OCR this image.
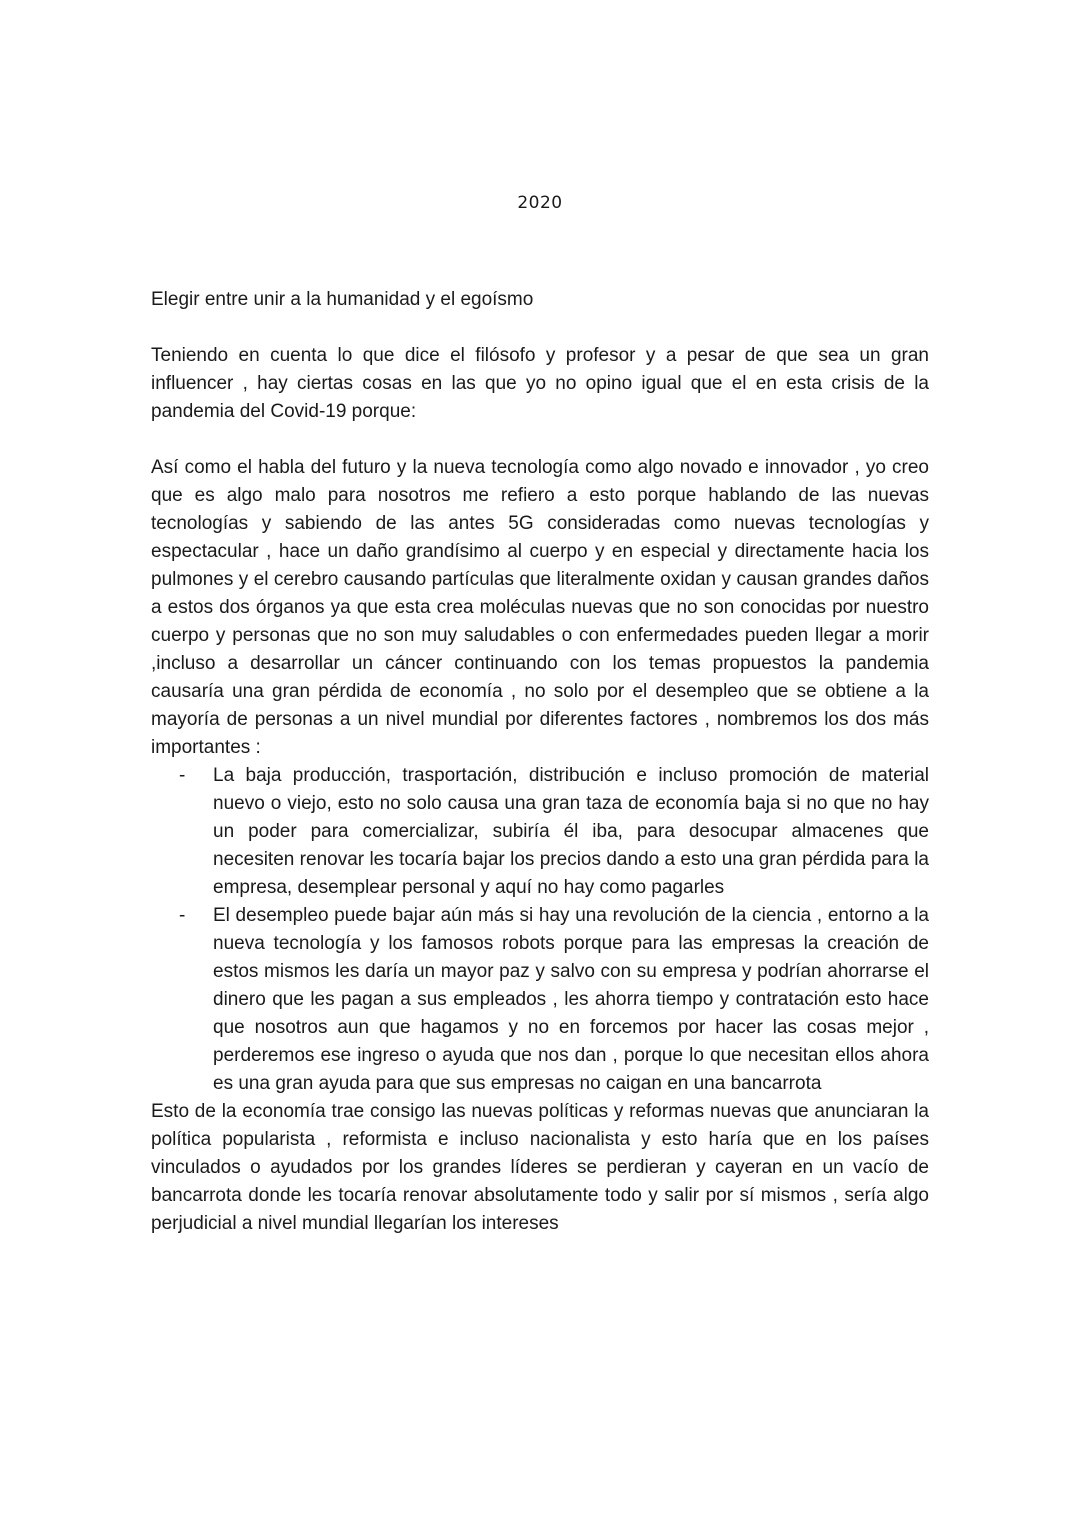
2020

Elegir entre unir a la humanidad y el egoísmo

Teniendo en cuenta lo que dice el filósofo y profesor y a pesar de que sea un gran influencer , hay ciertas cosas en las que yo no opino igual que el en esta crisis de la pandemia del Covid-19 porque:

Así como el habla del futuro y la nueva tecnología como algo novado e innovador , yo creo que es algo malo para nosotros me refiero a esto porque hablando de las nuevas tecnologías y sabiendo de las antes 5G consideradas como nuevas tecnologías y espectacular , hace un daño grandísimo al cuerpo y en especial y directamente hacia los pulmones y el cerebro causando partículas que literalmente oxidan y causan grandes daños a estos dos órganos ya que esta crea moléculas nuevas que no son conocidas por nuestro cuerpo y personas que no son muy saludables o con enfermedades pueden llegar a morir ,incluso a desarrollar un cáncer continuando con los temas propuestos la pandemia causaría una gran pérdida de economía , no solo por el desempleo que se obtiene a la mayoría de personas a un nivel mundial por diferentes factores , nombremos los dos más importantes :

- La baja producción, trasportación, distribución e incluso promoción de material nuevo o viejo, esto no solo causa una gran taza de economía baja si no que no hay un poder para comercializar, subiría él iba, para desocupar almacenes que necesiten renovar les tocaría bajar los precios dando a esto una gran pérdida para la empresa, desemplear personal y aquí no hay como pagarles
- El desempleo puede bajar aún más si hay una revolución de la ciencia , entorno a la nueva tecnología y los famosos robots porque para las empresas la creación de estos mismos les daría un mayor paz y salvo con su empresa y podrían ahorrarse el dinero que les pagan a sus empleados , les ahorra tiempo y contratación esto hace que nosotros aun que hagamos y no en forcemos por hacer las cosas mejor , perderemos ese ingreso o ayuda que nos dan , porque lo que necesitan ellos ahora es una gran ayuda para que sus empresas no caigan en una bancarrota

Esto de la economía trae consigo las nuevas políticas y reformas nuevas que anunciaran la política popularista , reformista e incluso nacionalista y esto haría que en los países vinculados o ayudados por los grandes líderes se perdieran y cayeran en un vacío de bancarrota donde les tocaría renovar absolutamente todo y salir por sí mismos , sería algo perjudicial a nivel mundial llegarían los intereses
